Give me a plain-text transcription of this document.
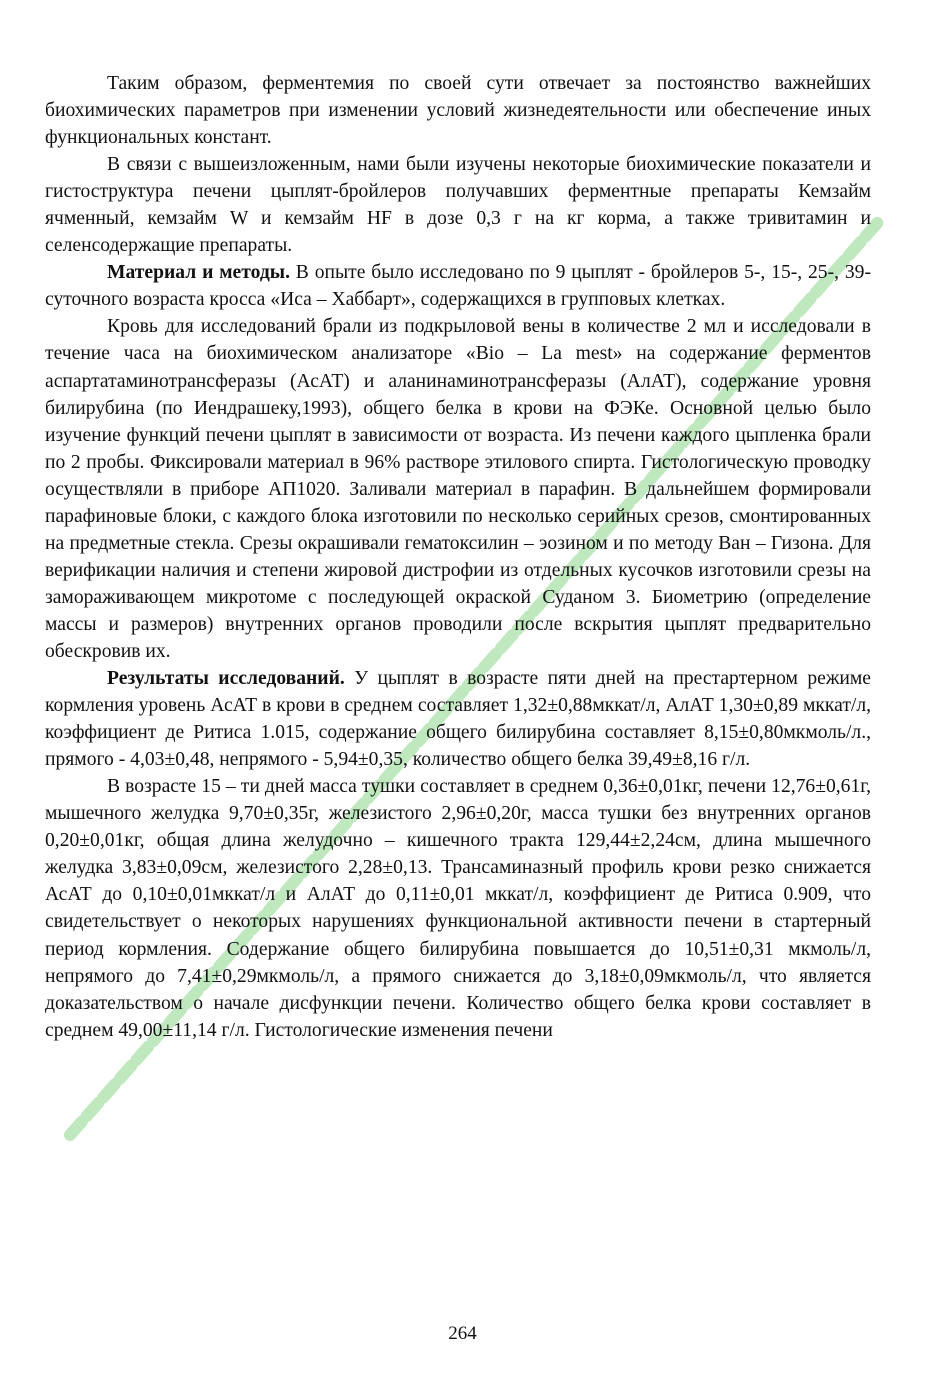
Таким образом, ферментемия по своей сути отвечает за постоянство важнейших биохимических параметров при изменении условий жизнедеятельности или обеспечение иных функциональных констант.

В связи с вышеизложенным, нами были изучены некоторые биохимические показатели и гистоструктура печени цыплят-бройлеров получавших ферментные препараты Кемзайм ячменный, кемзайм W и кемзайм HF в дозе 0,3 г на кг корма, а также тривитамин и селенсодержащие препараты.

Материал и методы. В опыте было исследовано по 9 цыплят - бройлеров 5-, 15-, 25-, 39- суточного возраста кросса «Иса – Хаббарт», содержащихся в групповых клетках.

Кровь для исследований брали из подкрыловой вены в количестве 2 мл и исследовали в течение часа на биохимическом анализаторе «Bio – La mest» на содержание ферментов аспартатаминотрансферазы (АсАТ) и аланинаминотрансферазы (АлАТ), содержание уровня билирубина (по Иендрашеку,1993), общего белка в крови на ФЭКе. Основной целью было изучение функций печени цыплят в зависимости от возраста. Из печени каждого цыпленка брали по 2 пробы. Фиксировали материал в 96% растворе этилового спирта. Гистологическую проводку осуществляли в приборе АП1020. Заливали материал в парафин. В дальнейшем формировали парафиновые блоки, с каждого блока изготовили по несколько серийных срезов, смонтированных на предметные стекла. Срезы окрашивали гематоксилин – эозином и по методу Ван – Гизона. Для верификации наличия и степени жировой дистрофии из отдельных кусочков изготовили срезы на замораживающем микротоме с последующей окраской Суданом 3. Биометрию (определение массы и размеров) внутренних органов проводили после вскрытия цыплят предварительно обескровив их.

Результаты исследований. У цыплят в возрасте пяти дней на престартерном режиме кормления уровень АсАТ в крови в среднем составляет 1,32±0,88мккат/л, АлАТ 1,30±0,89 мккат/л, коэффициент де Ритиса 1.015, содержание общего билирубина составляет 8,15±0,80мкмоль/л., прямого - 4,03±0,48, непрямого - 5,94±0,35, количество общего белка 39,49±8,16 г/л.

В возрасте 15 – ти дней масса тушки составляет в среднем 0,36±0,01кг, печени 12,76±0,61г, мышечного желудка 9,70±0,35г, железистого 2,96±0,20г, масса тушки без внутренних органов 0,20±0,01кг, общая длина желудочно – кишечного тракта 129,44±2,24см, длина мышечного желудка 3,83±0,09см, железистого 2,28±0,13. Трансаминазный профиль крови резко снижается АсАТ до 0,10±0,01мккат/л и АлАТ до 0,11±0,01 мккат/л, коэффициент де Ритиса 0.909, что свидетельствует о некоторых нарушениях функциональной активности печени в стартерный период кормления. Содержание общего билирубина повышается до 10,51±0,31 мкмоль/л, непрямого до 7,41±0,29мкмоль/л, а прямого снижается до 3,18±0,09мкмоль/л, что является доказательством о начале дисфункции печени. Количество общего белка крови составляет в среднем 49,00±11,14 г/л. Гистологические изменения печени

264
